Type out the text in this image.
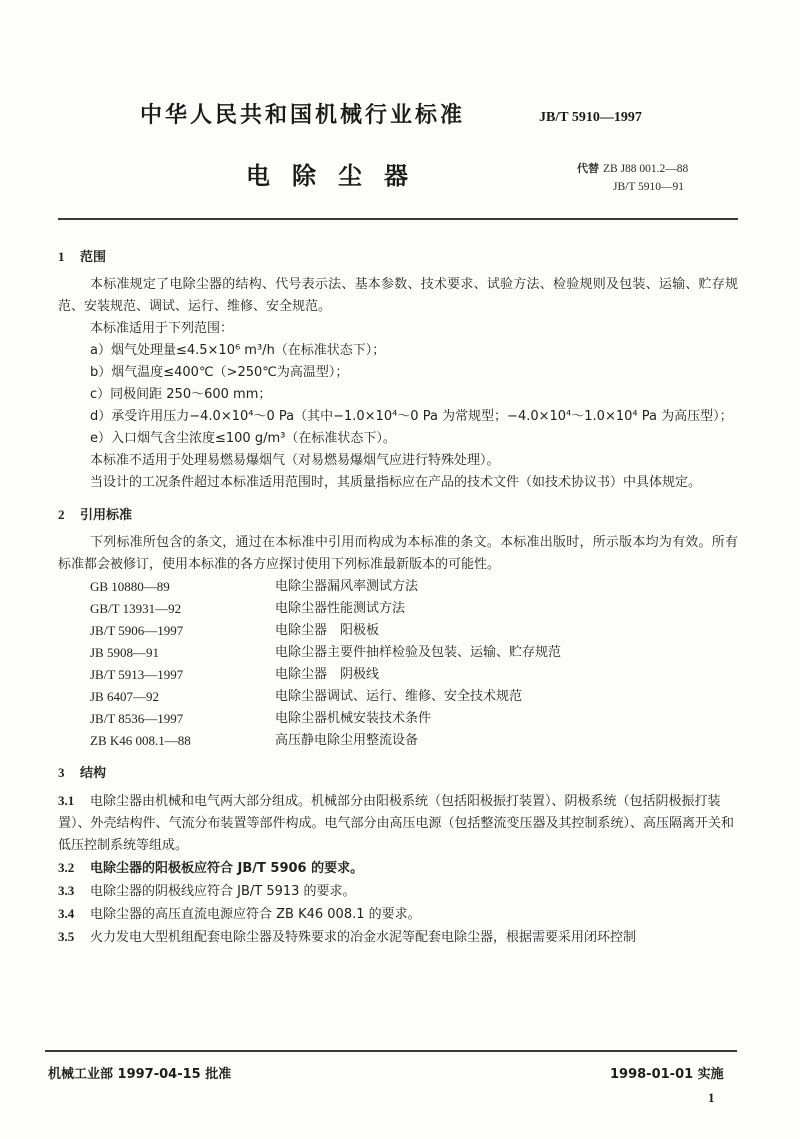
中华人民共和国机械行业标准	JB/T 5910—1997
电除尘器	代替 ZB J88 001.2—88
JB/T 5910—91
1 范围
本标准规定了电除尘器的结构、代号表示法、基本参数、技术要求、试验方法、检验规则及包装、运输、贮存规范、安装规范、调试、运行、维修、安全规范。
本标准适用于下列范围：
a）烟气处理量≤4.5×10⁶ m³/h（在标准状态下）；
b）烟气温度≤400℃（>250℃为高温型）；
c）同极间距 250～600 mm；
d）承受许用压力−4.0×10⁴～0 Pa（其中−1.0×10⁴～0 Pa 为常规型；−4.0×10⁴～1.0×10⁴ Pa 为高压型）；
e）入口烟气含尘浓度≤100 g/m³（在标准状态下）。
本标准不适用于处理易燃易爆烟气（对易燃易爆烟气应进行特殊处理）。
当设计的工况条件超过本标准适用范围时，其质量指标应在产品的技术文件（如技术协议书）中具体规定。
2 引用标准
下列标准所包含的条文，通过在本标准中引用而构成为本标准的条文。本标准出版时，所示版本均为有效。所有标准都会被修订，使用本标准的各方应探讨使用下列标准最新版本的可能性。
GB 10880—89	电除尘器漏风率测试方法
GB/T 13931—92	电除尘器性能测试方法
JB/T 5906—1997	电除尘器　阳极板
JB 5908—91	电除尘器主要件抽样检验及包装、运输、贮存规范
JB/T 5913—1997	电除尘器　阴极线
JB 6407—92	电除尘器调试、运行、维修、安全技术规范
JB/T 8536—1997	电除尘器机械安装技术条件
ZB K46 008.1—88	高压静电除尘用整流设备
3 结构
3.1 电除尘器由机械和电气两大部分组成。机械部分由阳极系统（包括阳极振打装置）、阴极系统（包括阴极振打装置）、外壳结构件、气流分布装置等部件构成。电气部分由高压电源（包括整流变压器及其控制系统）、高压隔离开关和低压控制系统等组成。
3.2 电除尘器的阳极板应符合 JB/T 5906 的要求。
3.3 电除尘器的阴极线应符合 JB/T 5913 的要求。
3.4 电除尘器的高压直流电源应符合 ZB K46 008.1 的要求。
3.5 火力发电大型机组配套电除尘器及特殊要求的冶金水泥等配套电除尘器，根据需要采用闭环控制
机械工业部 1997-04-15 批准	1998-01-01 实施
1
